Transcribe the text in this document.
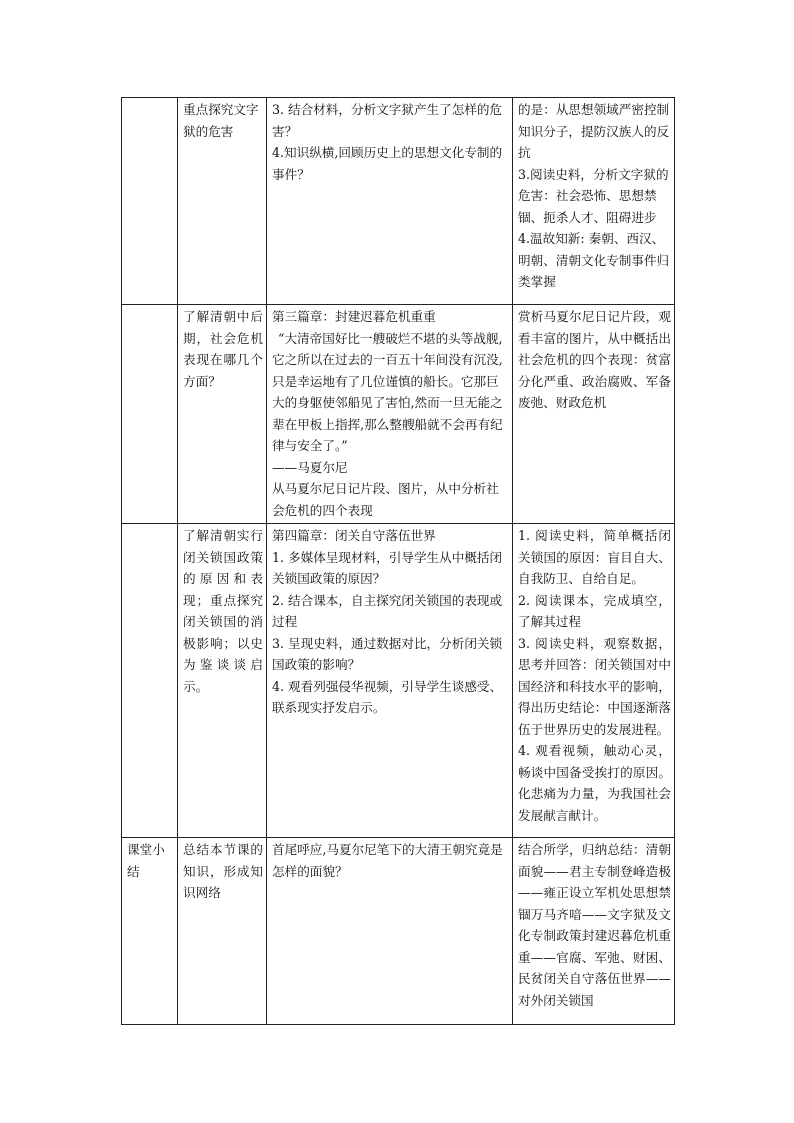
	重点探究文字狱的危害	3. 结合材料，分析文字狱产生了怎样的危害？
4.知识纵横,回顾历史上的思想文化专制的事件？	的是：从思想领域严密控制知识分子，提防汉族人的反抗
3.阅读史料，分析文字狱的危害：社会恐怖、思想禁锢、扼杀人才、阻碍进步
4.温故知新: 秦朝、西汉、明朝、清朝文化专制事件归类掌握

	了解清朝中后期，社会危机表现在哪几个方面？	第三篇章：封建迟暮危机重重
“大清帝国好比一艘破烂不堪的头等战舰,它之所以在过去的一百五十年间没有沉没,只是幸运地有了几位谨慎的船长。它那巨大的身躯使邻船见了害怕,然而一旦无能之辈在甲板上指挥,那么整艘船就不会再有纪律与安全了。”
——马夏尔尼
从马夏尔尼日记片段、图片，从中分析社会危机的四个表现	赏析马夏尔尼日记片段，观看丰富的图片，从中概括出社会危机的四个表现：贫富分化严重、政治腐败、军备废弛、财政危机

	了解清朝实行闭关锁国政策的原因和表现；重点探究闭关锁国的消极影响；以史为鉴谈谈启示。	第四篇章：闭关自守落伍世界
1. 多媒体呈现材料，引导学生从中概括闭关锁国政策的原因？
2. 结合课本，自主探究闭关锁国的表现或过程
3. 呈现史料，通过数据对比，分析闭关锁国政策的影响？
4. 观看列强侵华视频，引导学生谈感受、联系现实抒发启示。	1. 阅读史料，简单概括闭关锁国的原因：盲目自大、自我防卫、自给自足。
2. 阅读课本，完成填空，了解其过程
3. 阅读史料，观察数据，思考并回答：闭关锁国对中国经济和科技水平的影响，得出历史结论：中国逐渐落伍于世界历史的发展进程。
4. 观看视频，触动心灵，畅谈中国备受挨打的原因。化悲痛为力量，为我国社会发展献言献计。

课堂小结	总结本节课的知识，形成知识网络	首尾呼应,马夏尔尼笔下的大清王朝究竟是怎样的面貌？	结合所学，归纳总结：清朝面貌——君主专制登峰造极——雍正设立军机处思想禁锢万马齐喑——文字狱及文化专制政策封建迟暮危机重重——官腐、军弛、财困、民贫闭关自守落伍世界——对外闭关锁国
